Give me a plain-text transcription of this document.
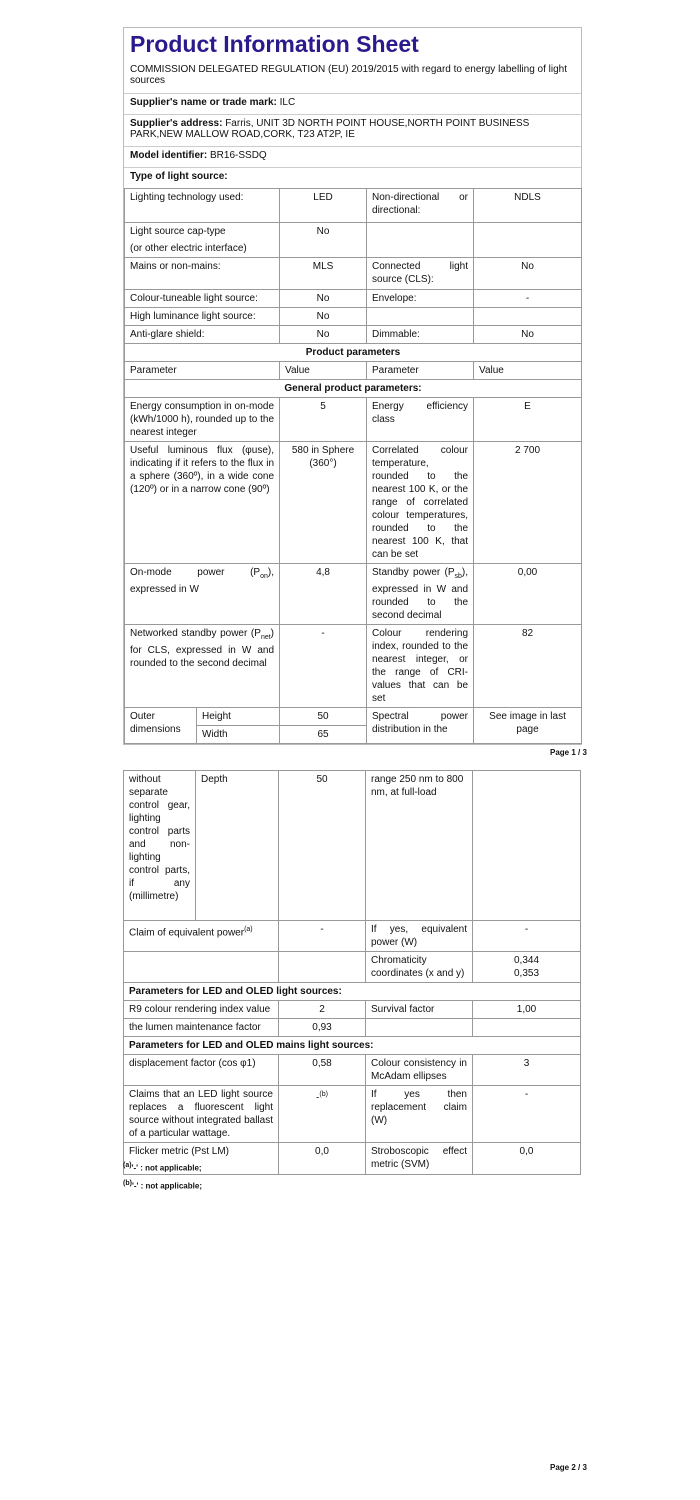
Product Information Sheet
COMMISSION DELEGATED REGULATION (EU) 2019/2015 with regard to energy labelling of light sources
Supplier's name or trade mark: ILC
Supplier's address: Farris, UNIT 3D NORTH POINT HOUSE,NORTH POINT BUSINESS PARK,NEW MALLOW ROAD,CORK, T23 AT2P, IE
Model identifier: BR16-SSDQ
Type of light source:
Lighting technology used:		LED	Non-directional or directional:	NDLS
Light source cap-type		No		
(or other electric interface)				
Mains or non-mains:		MLS	Connected light source (CLS):	No
Colour-tuneable light source:		No	Envelope:	-
High luminance light source:		No		
Anti-glare shield:		No	Dimmable:	No
Product parameters				
Parameter		Value	Parameter	Value
General product parameters:				
Energy consumption in on-mode (kWh/1000 h), rounded up to the nearest integer		5	Energy efficiency class	E
Useful luminous flux (φuse), indicating if it refers to the flux in a sphere (360º), in a wide cone (120º) or in a narrow cone (90º)		580 in Sphere (360°)	Correlated colour temperature, rounded to the nearest 100 K, or the range of correlated colour temperatures, rounded to the nearest 100 K, that can be set	2 700
On-mode power $(P_{on})$, expressed in W		4,8	Standby power $(P_{sb})$, expressed in W and rounded to the second decimal	0,00
Networked standby power $(P_{net})$ for CLS, expressed in W and rounded to the second decimal		-	Colour rendering index, rounded to the nearest integer, or the range of CRI-values that can be set	82
Outer dimensions	Height	50	Spectral power distribution in the	See image in last page
	Width	65		
Page 1 / 3
without separate control gear, lighting control parts and non-lighting control parts, if any (millimetre)	Depth	50	range 250 nm to 800 nm, at full-load	
Claim of equivalent power$^{(a)}$		-	If yes, equivalent power (W)	-
			Chromaticity coordinates (x and y)	0,344
0,353

Parameters for LED and OLED light sources:				
R9 colour rendering index value		2	Survival factor	1,00
the lumen maintenance factor		0,93		
Parameters for LED and OLED mains light sources:				
displacement factor (cos φ1)		0,58	Colour consistency in McAdam ellipses	3
Claims that an LED light source replaces a fluorescent light source without integrated ballast of a particular wattage.		-$^{(b)}$	If yes then replacement claim (W)	-
Flicker metric (Pst LM)		0,0	Stroboscopic effect metric (SVM)	0,0
$^{(a)}$'-' : not applicable;
$^{(b)}$'-' : not applicable;
Page 2 / 3
